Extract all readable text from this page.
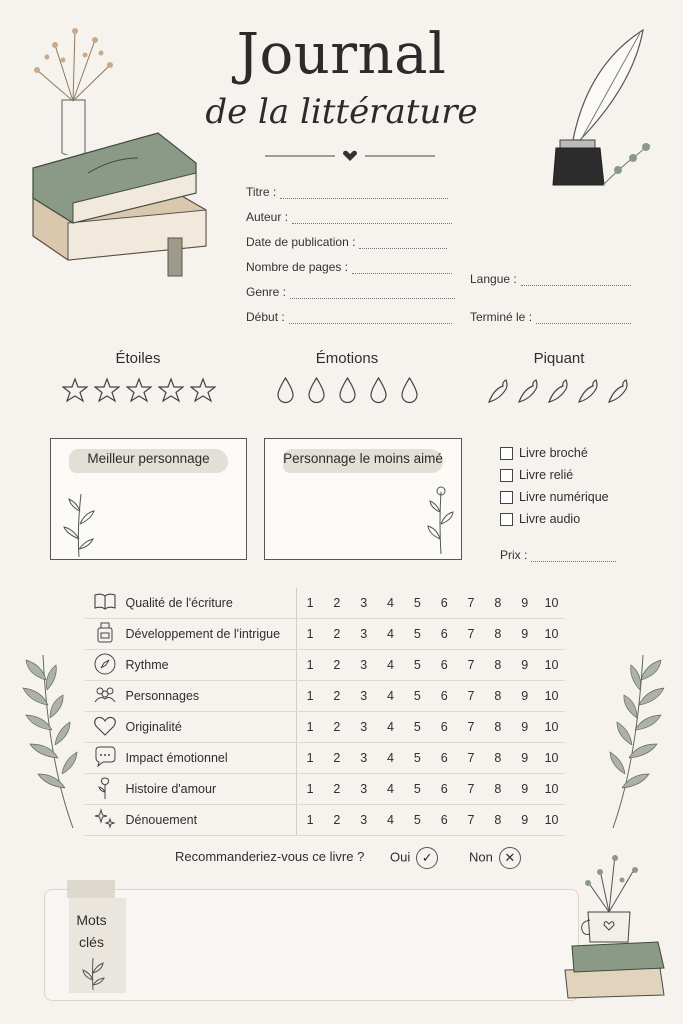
Journal
de la littérature
Titre :
Auteur :
Date de publication :
Nombre de pages :
Genre :
Début :
Langue :
Terminé le :
Étoiles	Émotions	Piquant
Meilleur personnage	Personnage le moins aimé	Livre broché
Livre relié
Livre numérique
Livre audio
Prix :
	Qualité de l'écriture	1	2	3	4	5	6	7	8	9	10
	Développement de l'intrigue	1	2	3	4	5	6	7	8	9	10
	Rythme	1	2	3	4	5	6	7	8	9	10
	Personnages	1	2	3	4	5	6	7	8	9	10
	Originalité	1	2	3	4	5	6	7	8	9	10
	Impact émotionnel	1	2	3	4	5	6	7	8	9	10
	Histoire d'amour	1	2	3	4	5	6	7	8	9	10
	Dénouement	1	2	3	4	5	6	7	8	9	10
Recommanderiez-vous ce livre ? Oui ✓	Non ✕
Mots
clés
